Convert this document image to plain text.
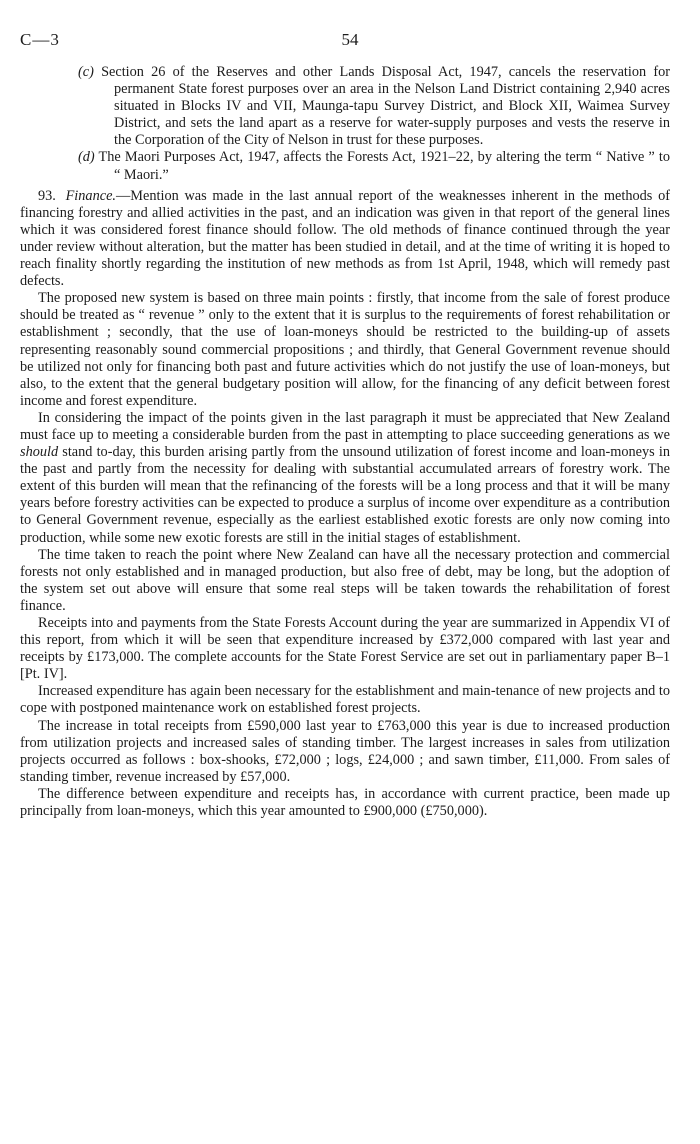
C—3	54

(c) Section 26 of the Reserves and other Lands Disposal Act, 1947, cancels the reservation for permanent State forest purposes over an area in the Nelson Land District containing 2,940 acres situated in Blocks IV and VII, Maunga-tapu Survey District, and Block XII, Waimea Survey District, and sets the land apart as a reserve for water-supply purposes and vests the reserve in the Corporation of the City of Nelson in trust for these purposes.

(d) The Maori Purposes Act, 1947, affects the Forests Act, 1921–22, by altering the term “ Native ” to “ Maori.”

93. Finance.—Mention was made in the last annual report of the weaknesses inherent in the methods of financing forestry and allied activities in the past, and an indication was given in that report of the general lines which it was considered forest finance should follow. The old methods of finance continued through the year under review without alteration, but the matter has been studied in detail, and at the time of writing it is hoped to reach finality shortly regarding the institution of new methods as from 1st April, 1948, which will remedy past defects.

The proposed new system is based on three main points : firstly, that income from the sale of forest produce should be treated as “ revenue ” only to the extent that it is surplus to the requirements of forest rehabilitation or establishment ; secondly, that the use of loan-moneys should be restricted to the building-up of assets representing reasonably sound commercial propositions ; and thirdly, that General Government revenue should be utilized not only for financing both past and future activities which do not justify the use of loan-moneys, but also, to the extent that the general budgetary position will allow, for the financing of any deficit between forest income and forest expenditure.

In considering the impact of the points given in the last paragraph it must be appreciated that New Zealand must face up to meeting a considerable burden from the past in attempting to place succeeding generations as we should stand to-day, this burden arising partly from the unsound utilization of forest income and loan-moneys in the past and partly from the necessity for dealing with substantial accumulated arrears of forestry work. The extent of this burden will mean that the refinancing of the forests will be a long process and that it will be many years before forestry activities can be expected to produce a surplus of income over expenditure as a contribution to General Government revenue, especially as the earliest established exotic forests are only now coming into production, while some new exotic forests are still in the initial stages of establishment.

The time taken to reach the point where New Zealand can have all the necessary protection and commercial forests not only established and in managed production, but also free of debt, may be long, but the adoption of the system set out above will ensure that some real steps will be taken towards the rehabilitation of forest finance.

Receipts into and payments from the State Forests Account during the year are summarized in Appendix VI of this report, from which it will be seen that expenditure increased by £372,000 compared with last year and receipts by £173,000. The complete accounts for the State Forest Service are set out in parliamentary paper B–1 [Pt. IV].

Increased expenditure has again been necessary for the establishment and main-tenance of new projects and to cope with postponed maintenance work on established forest projects.

The increase in total receipts from £590,000 last year to £763,000 this year is due to increased production from utilization projects and increased sales of standing timber. The largest increases in sales from utilization projects occurred as follows : box-shooks, £72,000 ; logs, £24,000 ; and sawn timber, £11,000. From sales of standing timber, revenue increased by £57,000.

The difference between expenditure and receipts has, in accordance with current practice, been made up principally from loan-moneys, which this year amounted to £900,000 (£750,000).
